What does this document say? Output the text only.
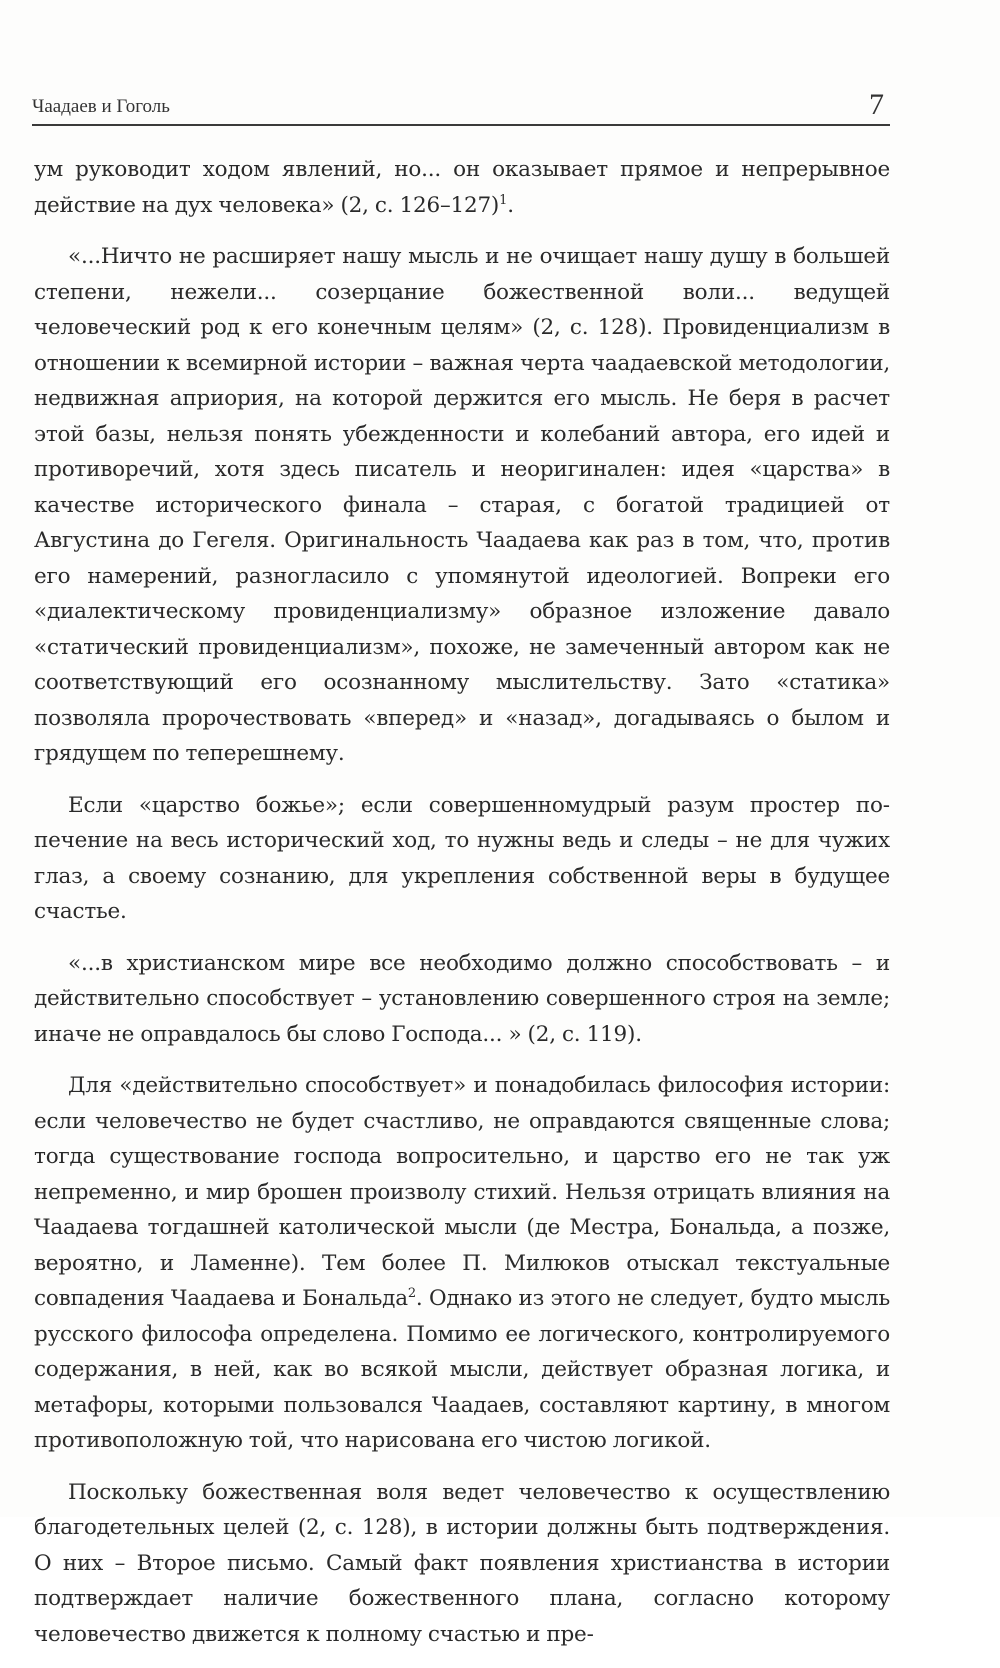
Чаадаев и Гоголь	7

ум руководит ходом явлений, но... он оказывает прямое и непрерывное действие на дух человека» (2, с. 126–127)$^1$.

«...Ничто не расширяет нашу мысль и не очищает нашу душу в большей степени, нежели... созерцание божественной воли... ведущей человеческий род к его конечным целям» (2, с. 128). Провиденциализм в отношении к всемирной истории – важная черта чаадаевской методологии, недвижная априория, на которой держится его мысль. Не беря в расчет этой базы, нельзя понять убежденности и колебаний автора, его идей и противоречий, хотя здесь писатель и неоригинален: идея «царства» в качестве исторического финала – старая, с богатой традицией от Августина до Гегеля. Оригинальность Чаадаева как раз в том, что, против его намерений, разногласило с упомянутой идеологией. Вопреки его «диалектическому провиденциализму» образное изложение давало «статический провиденциализм», похоже, не замеченный автором как не соответствующий его осознанному мыслительству. Зато «статика» позволяла пророчествовать «вперед» и «назад», догадываясь о былом и грядущем по теперешнему.

Если «царство божье»; если совершенномудрый разум простер попечение на весь исторический ход, то нужны ведь и следы – не для чужих глаз, а своему сознанию, для укрепления собственной веры в будущее счастье.

«...в христианском мире все необходимо должно способствовать – и действительно способствует – установлению совершенного строя на земле; иначе не оправдалось бы слово Господа... » (2, с. 119).

Для «действительно способствует» и понадобилась философия истории: если человечество не будет счастливо, не оправдаются священные слова; тогда существование господа вопросительно, и царство его не так уж непременно, и мир брошен произволу стихий. Нельзя отрицать влияния на Чаадаева тогдашней католической мысли (де Местра, Бональда, а позже, вероятно, и Ламенне). Тем более П. Милюков отыскал текстуальные совпадения Чаадаева и Бональда$^2$. Однако из этого не следует, будто мысль русского философа определена. Помимо ее логического, контролируемого содержания, в ней, как во всякой мысли, действует образная логика, и метафоры, которыми пользовался Чаадаев, составляют картину, в многом противоположную той, что нарисована его чистою логикой.

Поскольку божественная воля ведет человечество к осуществлению благодетельных целей (2, с. 128), в истории должны быть подтверждения. О них – Второе письмо. Самый факт появления христианства в истории подтверждает наличие божественного плана, согласно которому человечество движется к полному счастью и пре-
